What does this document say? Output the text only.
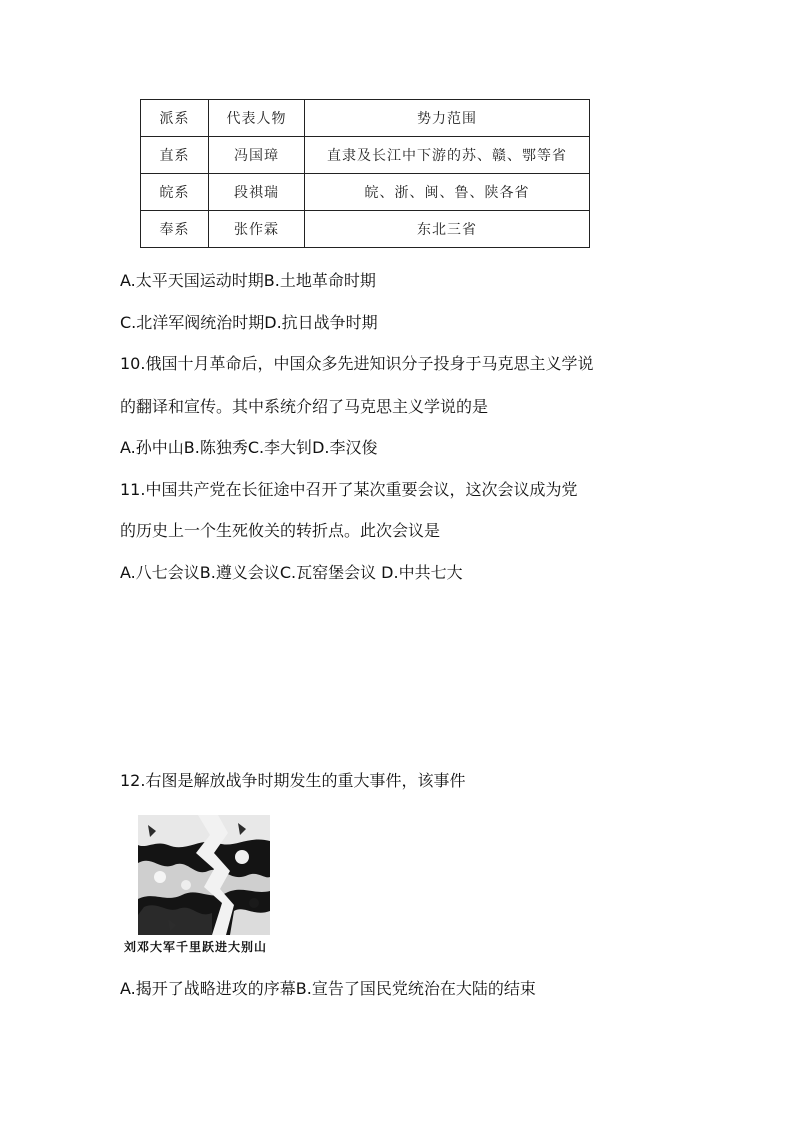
派系	代表人物	势力范围
直系	冯国璋	直隶及长江中下游的苏、赣、鄂等省
皖系	段祺瑞	皖、浙、闽、鲁、陕各省
奉系	张作霖	东北三省
A.太平天国运动时期B.土地革命时期
C.北洋军阀统治时期D.抗日战争时期
10.俄国十月革命后，中国众多先进知识分子投身于马克思主义学说
的翻译和宣传。其中系统介绍了马克思主义学说的是
A.孙中山B.陈独秀C.李大钊D.李汉俊
11.中国共产党在长征途中召开了某次重要会议，这次会议成为党
的历史上一个生死攸关的转折点。此次会议是
A.八七会议B.遵义会议C.瓦窑堡会议 D.中共七大
12.右图是解放战争时期发生的重大事件，该事件
刘邓大军千里跃进大别山
A.揭开了战略进攻的序幕B.宣告了国民党统治在大陆的结束
